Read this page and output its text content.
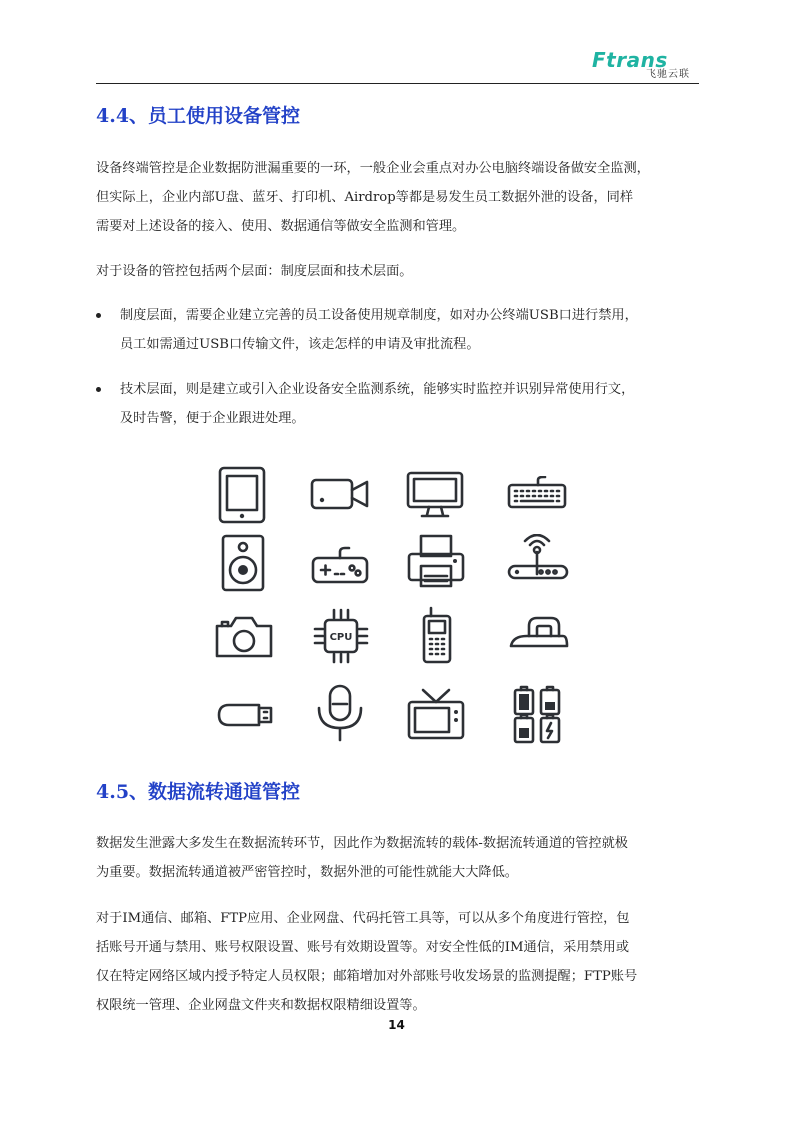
Ftrans
飞驰云联
4.4、员工使用设备管控
设备终端管控是企业数据防泄漏重要的一环，一般企业会重点对办公电脑终端设备做安全监测，
但实际上，企业内部U盘、蓝牙、打印机、Airdrop等都是易发生员工数据外泄的设备，同样
需要对上述设备的接入、使用、数据通信等做安全监测和管理。
对于设备的管控包括两个层面：制度层面和技术层面。
制度层面，需要企业建立完善的员工设备使用规章制度，如对办公终端USB口进行禁用，
员工如需通过USB口传输文件，该走怎样的申请及审批流程。
技术层面，则是建立或引入企业设备安全监测系统，能够实时监控并识别异常使用行文，
及时告警，便于企业跟进处理。
CPU
4.5、数据流转通道管控
数据发生泄露大多发生在数据流转环节，因此作为数据流转的载体-数据流转通道的管控就极
为重要。数据流转通道被严密管控时，数据外泄的可能性就能大大降低。
对于IM通信、邮箱、FTP应用、企业网盘、代码托管工具等，可以从多个角度进行管控，包
括账号开通与禁用、账号权限设置、账号有效期设置等。对安全性低的IM通信，采用禁用或
仅在特定网络区域内授予特定人员权限；邮箱增加对外部账号收发场景的监测提醒；FTP账号
权限统一管理、企业网盘文件夹和数据权限精细设置等。
14
